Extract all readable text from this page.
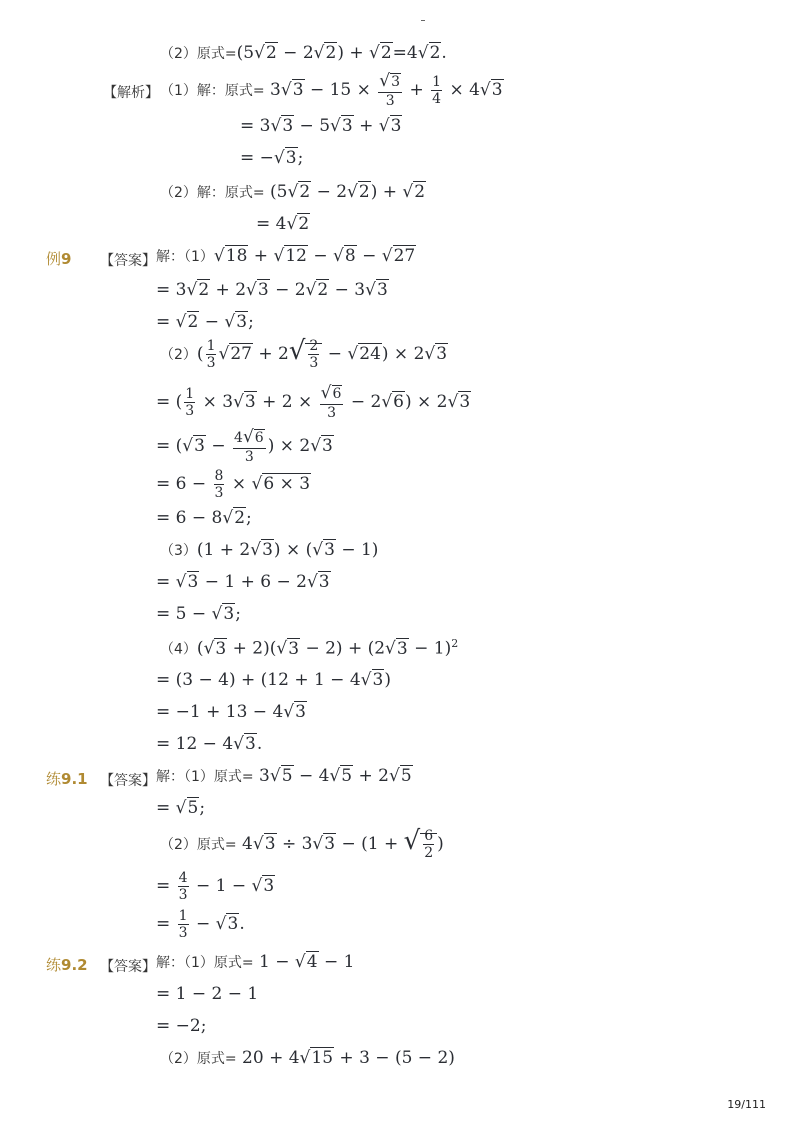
（2）原式=(5√2 − 2√2) + √2=4√2.
【解析】 （1）解：原式= $3√3 - 15 \times \frac{√3}{3} + \frac{1}{4} \times 4√3$
= 3√3 − 5√3 + √3
= −√3;
（2）解：原式= (5√2 − 2√2) + √2
= 4√2
例9 【答案】 解：（1）√18 + √12 − √8 − √27
= 3√2 + 2√3 − 2√2 − 3√3
= √2 − √3;
$(2)( \frac{1}{3} √27 + 2√ \frac{2}{3} - √24) \times 2√3$
= ( $\frac{1}{3} \times 3√3 + 2 \times \frac{√6}{3} - 2√6) \times 2√3$
= ($√3 - \frac{4√6}{3}$ ) × 2√3
= $6 - \frac{8}{3} \times √6 \times 3$
= 6 − 8√2;
（3）(1 + 2√3) × (√3 − 1)
= √3 − 1 + 6 − 2√3
= 5 − √3;
$(4)(√3 + 2)(√3 - 2) + (2√3 - 1)^2$
= (3 − 4) + (12 + 1 − 4√3)
= −1 + 13 − 4√3
= 12 − 4√3.
练9.1 【答案】 解：（1）原式= 3√5 − 4√5 + 2√5
= √5;
（2）原式= 4√3 ÷ 3√3 − (1 + √ $\frac{6}{2}$ )
= $\frac{4}{3} - 1 - √3$
= $\frac{1}{3} - √3$.
练9.2 【答案】 解：（1）原式= 1 − √4 − 1
= 1 − 2 − 1
= −2;
（2）原式= 20 + 4√15 + 3 − (5 − 2)
19/111
